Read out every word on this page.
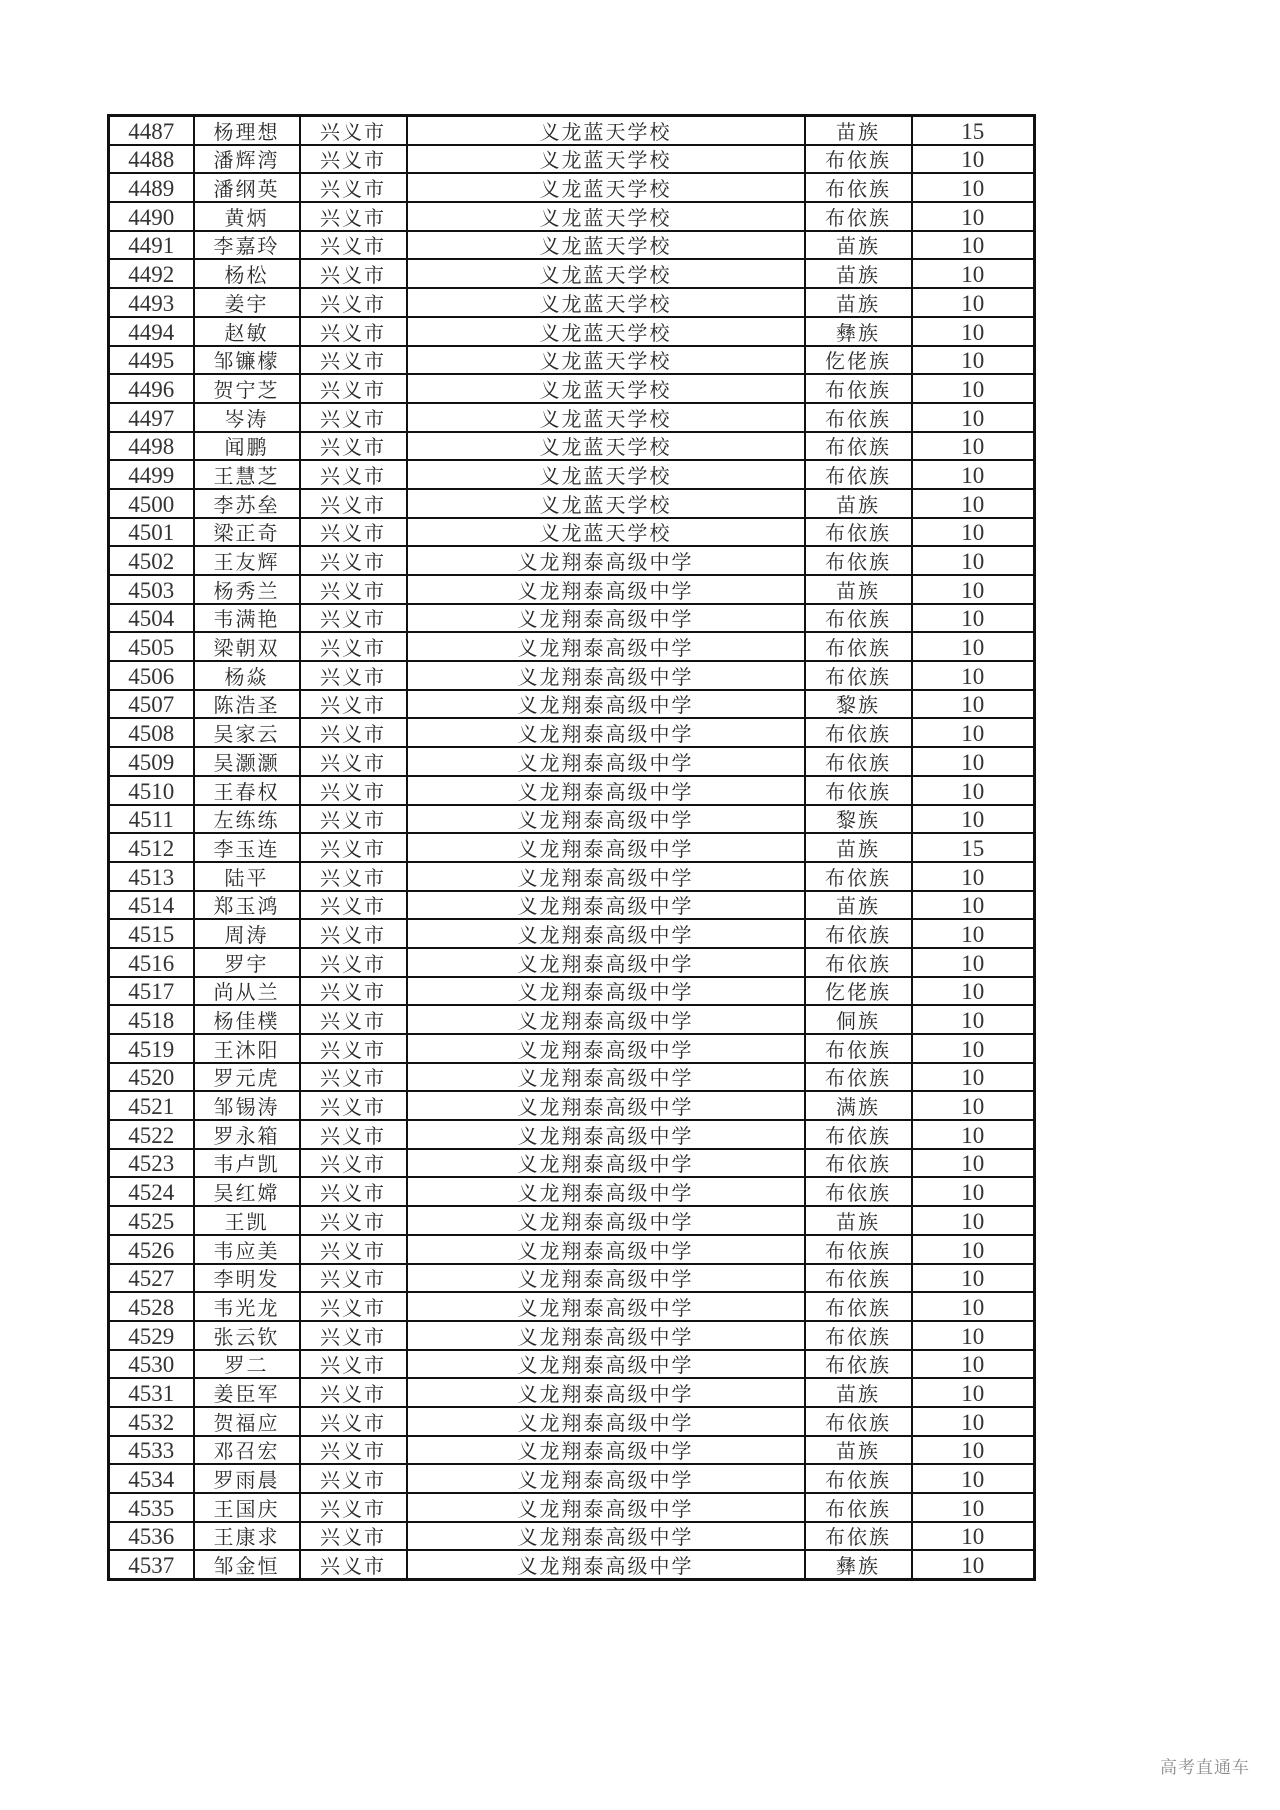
4487	杨理想	兴义市	义龙蓝天学校	苗族	15
4488	潘辉湾	兴义市	义龙蓝天学校	布依族	10
4489	潘纲英	兴义市	义龙蓝天学校	布依族	10
4490	黄炳	兴义市	义龙蓝天学校	布依族	10
4491	李嘉玲	兴义市	义龙蓝天学校	苗族	10
4492	杨松	兴义市	义龙蓝天学校	苗族	10
4493	姜宇	兴义市	义龙蓝天学校	苗族	10
4494	赵敏	兴义市	义龙蓝天学校	彝族	10
4495	邹镰檬	兴义市	义龙蓝天学校	仡佬族	10
4496	贺宁芝	兴义市	义龙蓝天学校	布依族	10
4497	岑涛	兴义市	义龙蓝天学校	布依族	10
4498	闻鹏	兴义市	义龙蓝天学校	布依族	10
4499	王慧芝	兴义市	义龙蓝天学校	布依族	10
4500	李苏垒	兴义市	义龙蓝天学校	苗族	10
4501	梁正奇	兴义市	义龙蓝天学校	布依族	10
4502	王友辉	兴义市	义龙翔泰高级中学	布依族	10
4503	杨秀兰	兴义市	义龙翔泰高级中学	苗族	10
4504	韦满艳	兴义市	义龙翔泰高级中学	布依族	10
4505	梁朝双	兴义市	义龙翔泰高级中学	布依族	10
4506	杨焱	兴义市	义龙翔泰高级中学	布依族	10
4507	陈浩圣	兴义市	义龙翔泰高级中学	黎族	10
4508	吴家云	兴义市	义龙翔泰高级中学	布依族	10
4509	吴灏灏	兴义市	义龙翔泰高级中学	布依族	10
4510	王春权	兴义市	义龙翔泰高级中学	布依族	10
4511	左练练	兴义市	义龙翔泰高级中学	黎族	10
4512	李玉连	兴义市	义龙翔泰高级中学	苗族	15
4513	陆平	兴义市	义龙翔泰高级中学	布依族	10
4514	郑玉鸿	兴义市	义龙翔泰高级中学	苗族	10
4515	周涛	兴义市	义龙翔泰高级中学	布依族	10
4516	罗宇	兴义市	义龙翔泰高级中学	布依族	10
4517	尚从兰	兴义市	义龙翔泰高级中学	仡佬族	10
4518	杨佳樸	兴义市	义龙翔泰高级中学	侗族	10
4519	王沐阳	兴义市	义龙翔泰高级中学	布依族	10
4520	罗元虎	兴义市	义龙翔泰高级中学	布依族	10
4521	邹锡涛	兴义市	义龙翔泰高级中学	满族	10
4522	罗永箱	兴义市	义龙翔泰高级中学	布依族	10
4523	韦卢凯	兴义市	义龙翔泰高级中学	布依族	10
4524	吴红嫦	兴义市	义龙翔泰高级中学	布依族	10
4525	王凯	兴义市	义龙翔泰高级中学	苗族	10
4526	韦应美	兴义市	义龙翔泰高级中学	布依族	10
4527	李明发	兴义市	义龙翔泰高级中学	布依族	10
4528	韦光龙	兴义市	义龙翔泰高级中学	布依族	10
4529	张云钦	兴义市	义龙翔泰高级中学	布依族	10
4530	罗二	兴义市	义龙翔泰高级中学	布依族	10
4531	姜臣军	兴义市	义龙翔泰高级中学	苗族	10
4532	贺福应	兴义市	义龙翔泰高级中学	布依族	10
4533	邓召宏	兴义市	义龙翔泰高级中学	苗族	10
4534	罗雨晨	兴义市	义龙翔泰高级中学	布依族	10
4535	王国庆	兴义市	义龙翔泰高级中学	布依族	10
4536	王康求	兴义市	义龙翔泰高级中学	布依族	10
4537	邹金恒	兴义市	义龙翔泰高级中学	彝族	10
高考直通车
